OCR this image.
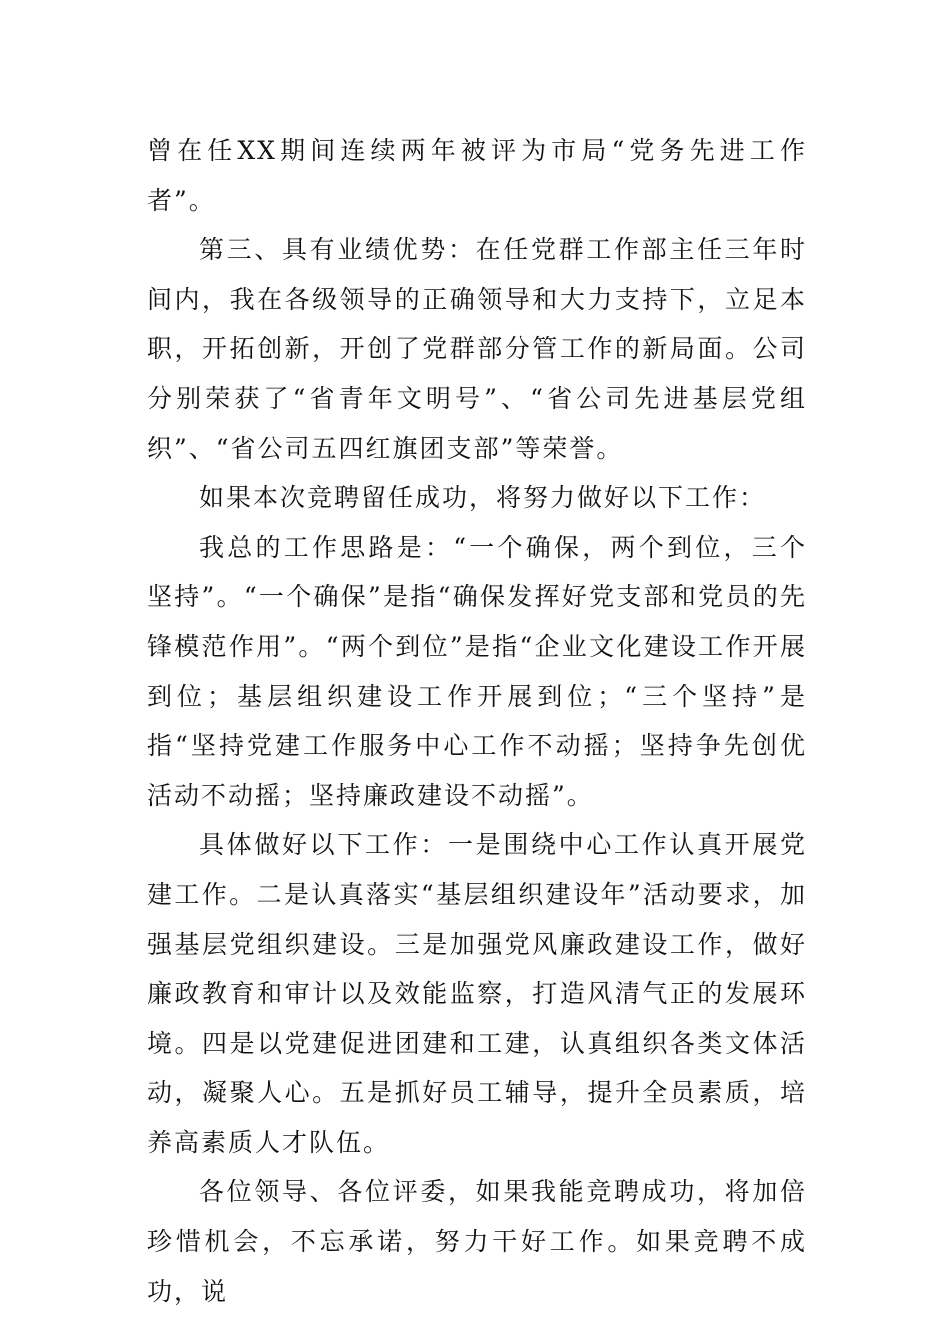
曾在任XX期间连续两年被评为市局“党务先进工作者”。

第三、具有业绩优势：在任党群工作部主任三年时间内，我在各级领导的正确领导和大力支持下，立足本职，开拓创新，开创了党群部分管工作的新局面。公司分别荣获了“省青年文明号”、“省公司先进基层党组织”、“省公司五四红旗团支部”等荣誉。

如果本次竞聘留任成功，将努力做好以下工作：

我总的工作思路是：“一个确保，两个到位，三个坚持”。“一个确保”是指“确保发挥好党支部和党员的先锋模范作用”。“两个到位”是指“企业文化建设工作开展到位；基层组织建设工作开展到位；“三个坚持”是指“坚持党建工作服务中心工作不动摇；坚持争先创优活动不动摇；坚持廉政建设不动摇”。

具体做好以下工作：一是围绕中心工作认真开展党建工作。二是认真落实“基层组织建设年”活动要求，加强基层党组织建设。三是加强党风廉政建设工作，做好廉政教育和审计以及效能监察，打造风清气正的发展环境。四是以党建促进团建和工建，认真组织各类文体活动，凝聚人心。五是抓好员工辅导，提升全员素质，培养高素质人才队伍。

各位领导、各位评委，如果我能竞聘成功，将加倍珍惜机会，不忘承诺，努力干好工作。如果竞聘不成功，说
